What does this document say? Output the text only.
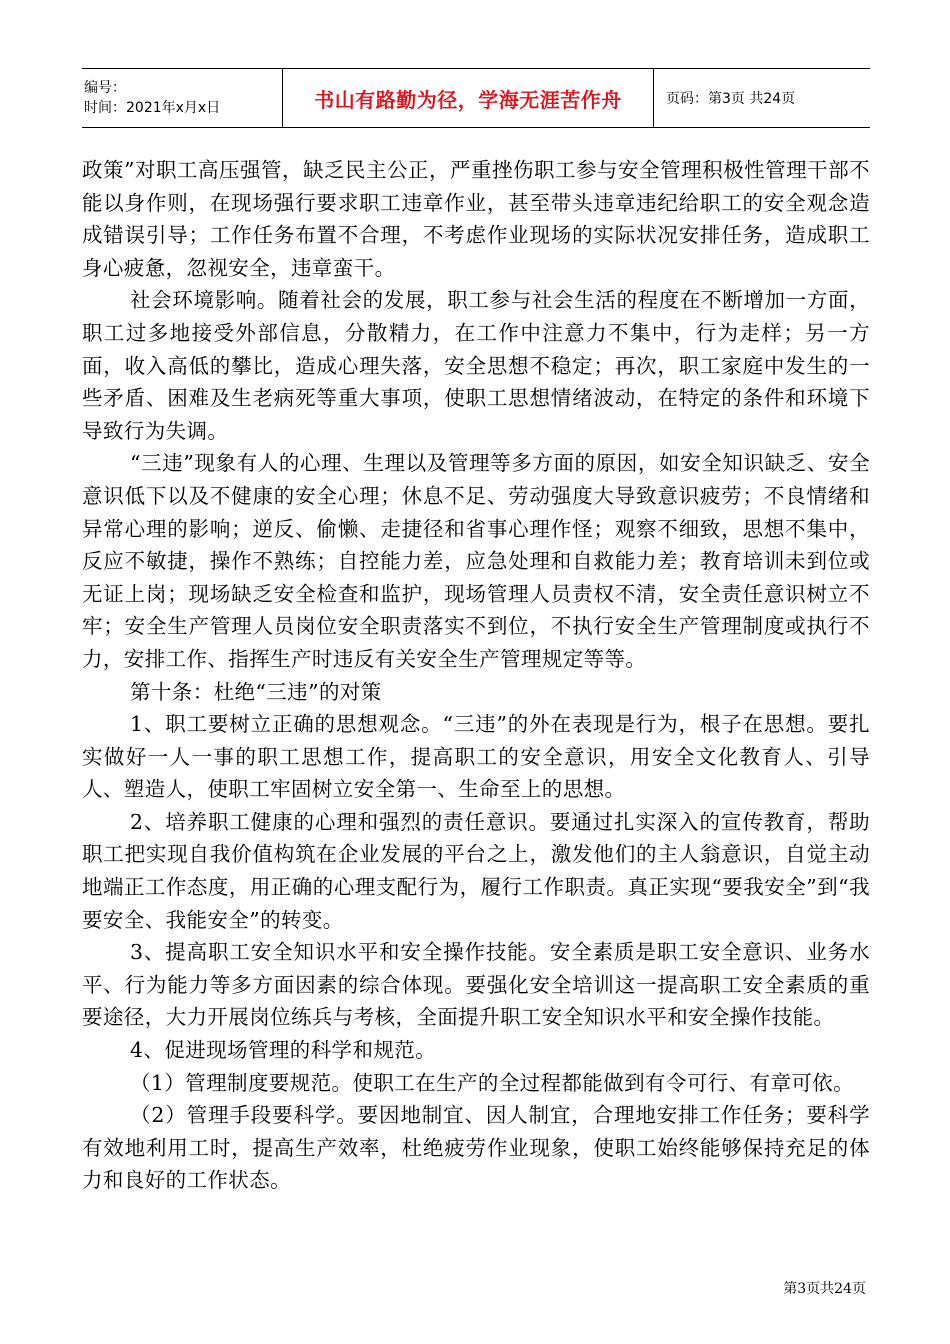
编号：
时间：2021年x月x日	书山有路勤为径，学海无涯苦作舟	页码：第3页 共24页

政策”对职工高压强管，缺乏民主公正，严重挫伤职工参与安全管理积极性管理干部不能以身作则，在现场强行要求职工违章作业，甚至带头违章违纪给职工的安全观念造成错误引导；工作任务布置不合理，不考虑作业现场的实际状况安排任务，造成职工身心疲惫，忽视安全，违章蛮干。

社会环境影响。随着社会的发展，职工参与社会生活的程度在不断增加一方面，职工过多地接受外部信息，分散精力，在工作中注意力不集中，行为走样；另一方面，收入高低的攀比，造成心理失落，安全思想不稳定；再次，职工家庭中发生的一些矛盾、困难及生老病死等重大事项，使职工思想情绪波动，在特定的条件和环境下导致行为失调。

“三违”现象有人的心理、生理以及管理等多方面的原因，如安全知识缺乏、安全意识低下以及不健康的安全心理；休息不足、劳动强度大导致意识疲劳；不良情绪和异常心理的影响；逆反、偷懒、走捷径和省事心理作怪；观察不细致，思想不集中，反应不敏捷，操作不熟练；自控能力差，应急处理和自救能力差；教育培训未到位或无证上岗；现场缺乏安全检查和监护，现场管理人员责权不清，安全责任意识树立不牢；安全生产管理人员岗位安全职责落实不到位，不执行安全生产管理制度或执行不力，安排工作、指挥生产时违反有关安全生产管理规定等等。

第十条：杜绝“三违”的对策

1、职工要树立正确的思想观念。“三违”的外在表现是行为，根子在思想。要扎实做好一人一事的职工思想工作，提高职工的安全意识，用安全文化教育人、引导人、塑造人，使职工牢固树立安全第一、生命至上的思想。

2、培养职工健康的心理和强烈的责任意识。要通过扎实深入的宣传教育，帮助职工把实现自我价值构筑在企业发展的平台之上，激发他们的主人翁意识，自觉主动地端正工作态度，用正确的心理支配行为，履行工作职责。真正实现“要我安全”到“我要安全、我能安全”的转变。

3、提高职工安全知识水平和安全操作技能。安全素质是职工安全意识、业务水平、行为能力等多方面因素的综合体现。要强化安全培训这一提高职工安全素质的重要途径，大力开展岗位练兵与考核，全面提升职工安全知识水平和安全操作技能。

4、促进现场管理的科学和规范。

（1）管理制度要规范。使职工在生产的全过程都能做到有令可行、有章可依。

（2）管理手段要科学。要因地制宜、因人制宜，合理地安排工作任务；要科学有效地利用工时，提高生产效率，杜绝疲劳作业现象，使职工始终能够保持充足的体力和良好的工作状态。

第3页共24页
